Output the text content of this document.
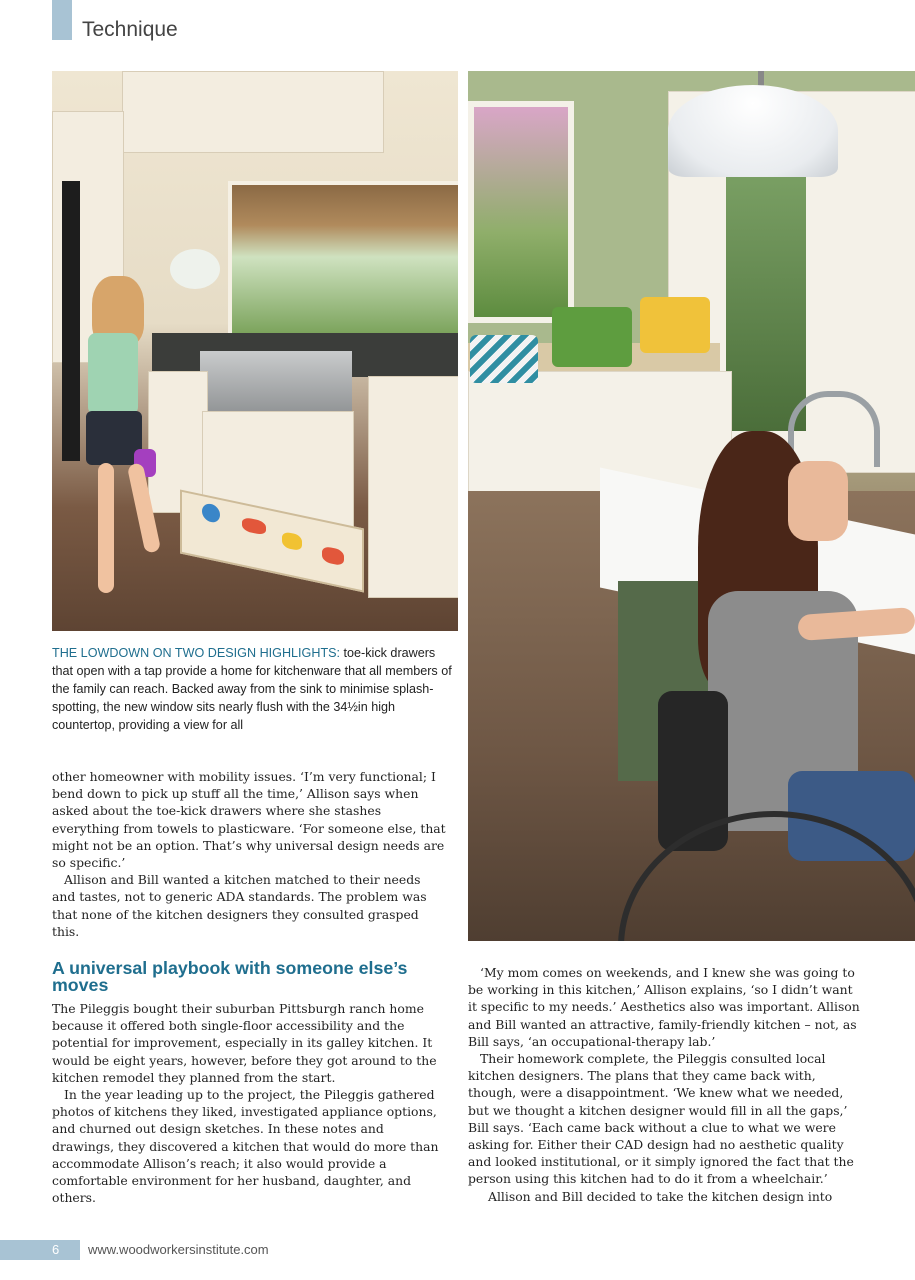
Technique
THE LOWDOWN ON TWO DESIGN HIGHLIGHTS: toe-kick drawers that open with a tap provide a home for kitchenware that all members of the family can reach. Backed away from the sink to minimise splash-spotting, the new window sits nearly flush with the 34½in high countertop, providing a view for all

other homeowner with mobility issues. ‘I’m very functional; I bend down to pick up stuff all the time,’ Allison says when asked about the toe-kick drawers where she stashes everything from towels to plasticware. ‘For someone else, that might not be an option. That’s why universal design needs are so specific.’

Allison and Bill wanted a kitchen matched to their needs and tastes, not to generic ADA standards. The problem was that none of the kitchen designers they consulted grasped this.

A universal playbook with someone else’s moves

The Pileggis bought their suburban Pittsburgh ranch home because it offered both single-floor accessibility and the potential for improvement, especially in its galley kitchen. It would be eight years, however, before they got around to the kitchen remodel they planned from the start.

In the year leading up to the project, the Pileggis gathered photos of kitchens they liked, investigated appliance options, and churned out design sketches. In these notes and drawings, they discovered a kitchen that would do more than accommodate Allison’s reach; it also would provide a comfortable environment for her husband, daughter, and others.

‘My mom comes on weekends, and I knew she was going to be working in this kitchen,’ Allison explains, ‘so I didn’t want it specific to my needs.’ Aesthetics also was important. Allison and Bill wanted an attractive, family-friendly kitchen – not, as Bill says, ‘an occupational-therapy lab.’

Their homework complete, the Pileggis consulted local kitchen designers. The plans that they came back with, though, were a disappointment. ‘We knew what we needed, but we thought a kitchen designer would fill in all the gaps,’ Bill says. ‘Each came back without a clue to what we were asking for. Either their CAD design had no aesthetic quality and looked institutional, or it simply ignored the fact that the person using this kitchen had to do it from a wheelchair.’

Allison and Bill decided to take the kitchen design into

6 www.woodworkersinstitute.com
